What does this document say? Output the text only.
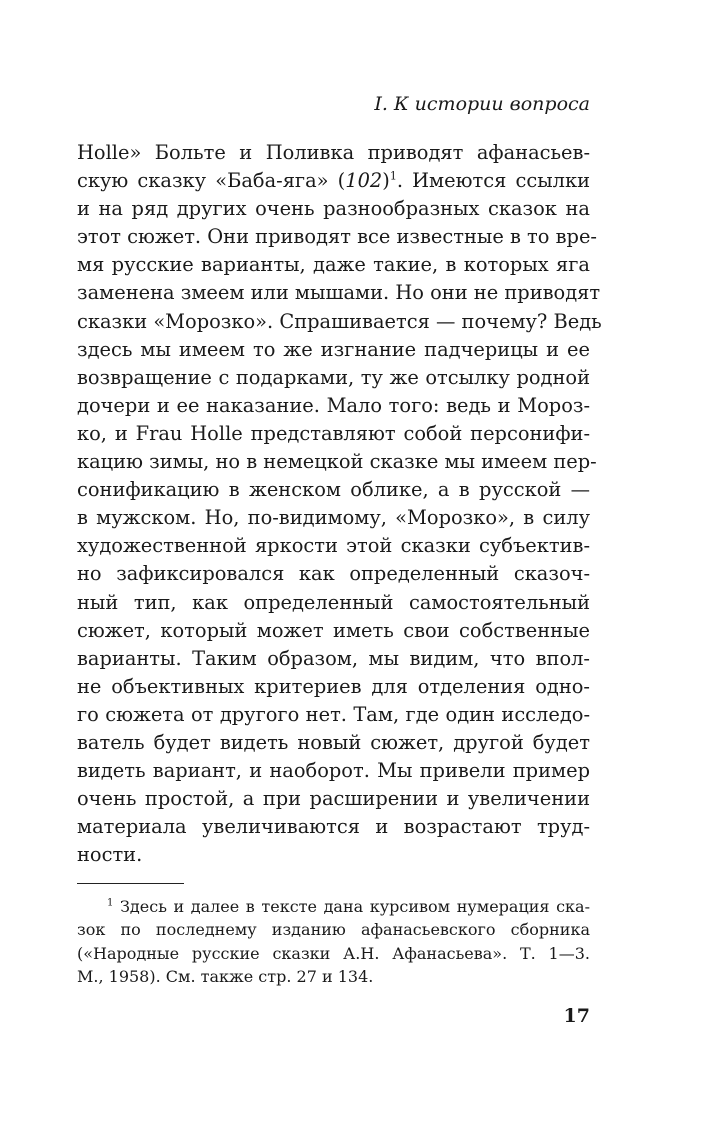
I. К истории вопроса
Holle» Больте и Поливка приводят афанасьев-
скую сказку «Баба-яга» (102)$^1$. Имеются ссылки
и на ряд других очень разнообразных сказок на
этот сюжет. Они приводят все известные в то вре-
мя русские варианты, даже такие, в которых яга
заменена змеем или мышами. Но они не приводят
сказки «Морозко». Спрашивается — почему? Ведь
здесь мы имеем то же изгнание падчерицы и ее
возвращение с подарками, ту же отсылку родной
дочери и ее наказание. Мало того: ведь и Морoз-
ко, и Frau Holle представляют собой персонифи-
кацию зимы, но в немецкой сказке мы имеем пер-
сонификацию в женском облике, а в русской —
в мужском. Но, по-видимому, «Морозко», в силу
художественной яркости этой сказки субъектив-
но зафиксировался как определенный сказоч-
ный тип, как определенный самостоятельный
сюжет, который может иметь свои собственные
варианты. Таким образом, мы видим, что впол-
не объективных критериев для отделения одно-
го сюжета от другого нет. Там, где один исследо-
ватель будет видеть новый сюжет, другой будет
видеть вариант, и наоборот. Мы привели пример
очень простой, а при расширении и увеличении
материала увеличиваются и возрастают труд-
ности.
$^1$ Здесь и далее в тексте дана курсивом нумерация ска-
зок по последнему изданию афанасьевского сборника
(«Народные русские сказки А.Н. Афанасьева». Т. 1—3.
М., 1958). См. также стр. 27 и 134.
17
